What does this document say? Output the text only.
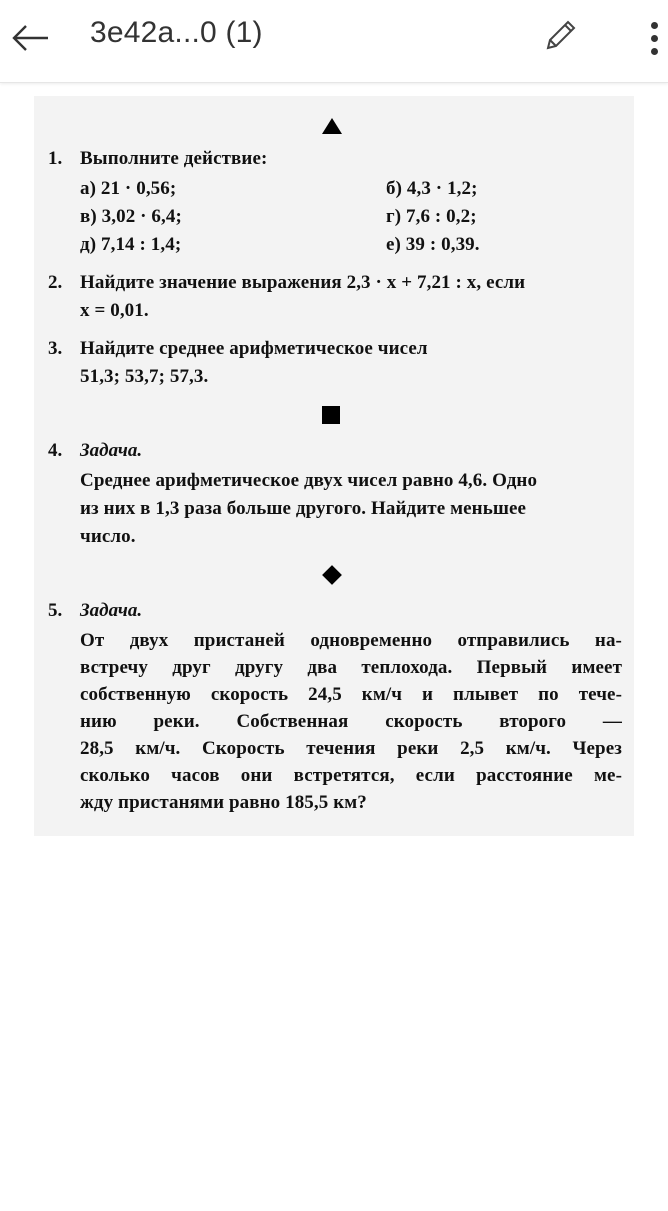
3e42a...0 (1)
1. Выполните действие:
а) 21 · 0,56;	б) 4,3 · 1,2;
в) 3,02 · 6,4;	г) 7,6 : 0,2;
д) 7,14 : 1,4;	е) 39 : 0,39.
2. Найдите значение выражения 2,3 · x + 7,21 : x, если
x = 0,01.
3. Найдите среднее арифметическое чисел
51,3; 53,7; 57,3.
4. Задача.
Среднее арифметическое двух чисел равно 4,6. Одно
из них в 1,3 раза больше другого. Найдите меньшее
число.
5. Задача.
От двух пристаней одновременно отправились на-
встречу друг другу два теплохода. Первый имеет
собственную скорость 24,5 км/ч и плывет по тече-
нию реки. Собственная скорость второго —
28,5 км/ч. Скорость течения реки 2,5 км/ч. Через
сколько часов они встретятся, если расстояние ме-
жду пристанями равно 185,5 км?
